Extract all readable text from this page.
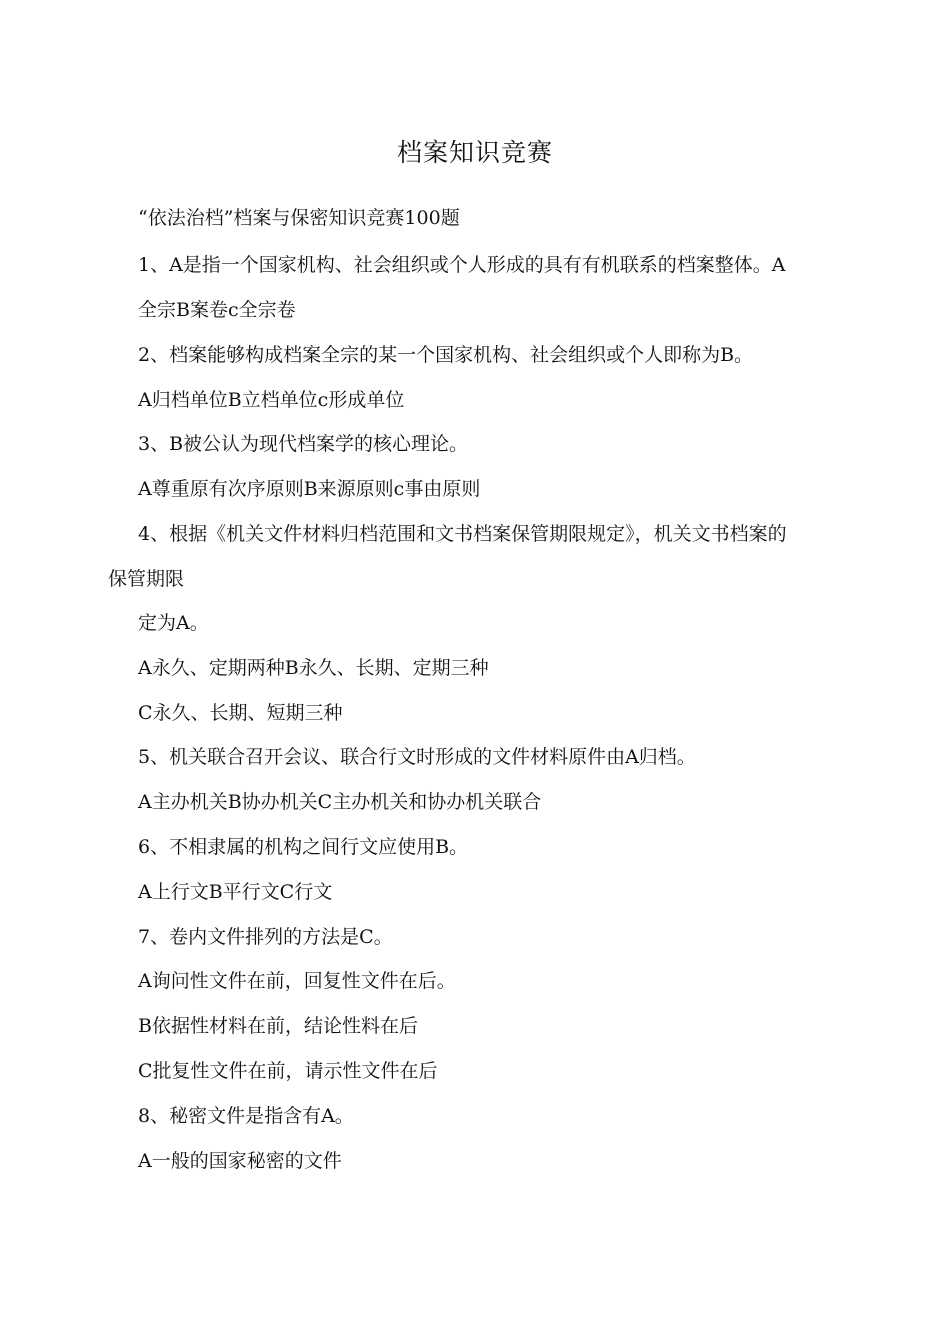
档案知识竞赛
“依法治档”档案与保密知识竞赛100题
1、A是指一个国家机构、社会组织或个人形成的具有有机联系的档案整体。A
全宗B案卷c全宗卷
2、档案能够构成档案全宗的某一个国家机构、社会组织或个人即称为B。
A归档单位B立档单位c形成单位
3、B被公认为现代档案学的核心理论。
A尊重原有次序原则B来源原则c事由原则
4、根据《机关文件材料归档范围和文书档案保管期限规定》，机关文书档案的
保管期限
定为A。
A永久、定期两种B永久、长期、定期三种
C永久、长期、短期三种
5、机关联合召开会议、联合行文时形成的文件材料原件由A归档。
A主办机关B协办机关C主办机关和协办机关联合
6、不相隶属的机构之间行文应使用B。
A上行文B平行文C行文
7、卷内文件排列的方法是C。
A询问性文件在前，回复性文件在后。
B依据性材料在前，结论性料在后
C批复性文件在前，请示性文件在后
8、秘密文件是指含有A。
A一般的国家秘密的文件
